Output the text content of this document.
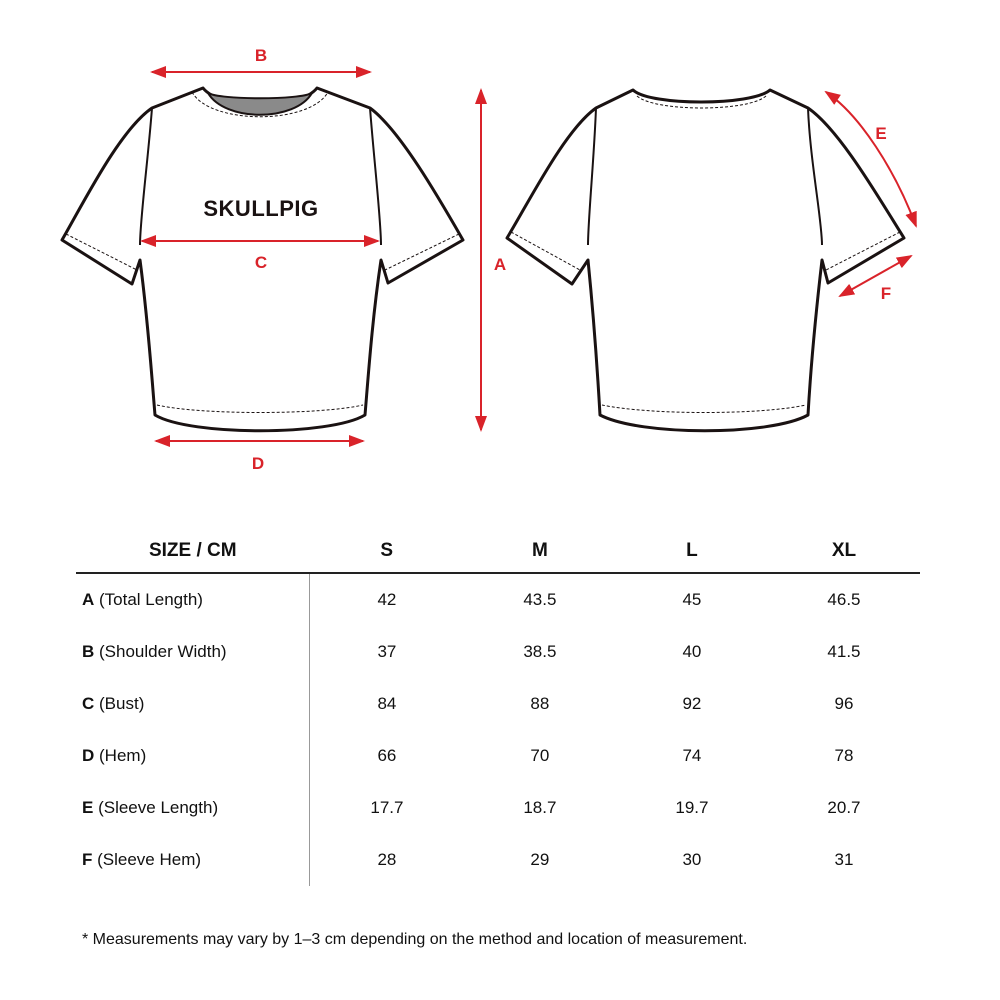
SKULLPIG
B
C
D
A
E
F
SIZE / CM	S	M	L	XL
A (Total Length)	42	43.5	45	46.5
B (Shoulder Width)	37	38.5	40	41.5
C (Bust)	84	88	92	96
D (Hem)	66	70	74	78
E (Sleeve Length)	17.7	18.7	19.7	20.7
F (Sleeve Hem)	28	29	30	31
* Measurements may vary by 1–3 cm depending on the method and location of measurement.
